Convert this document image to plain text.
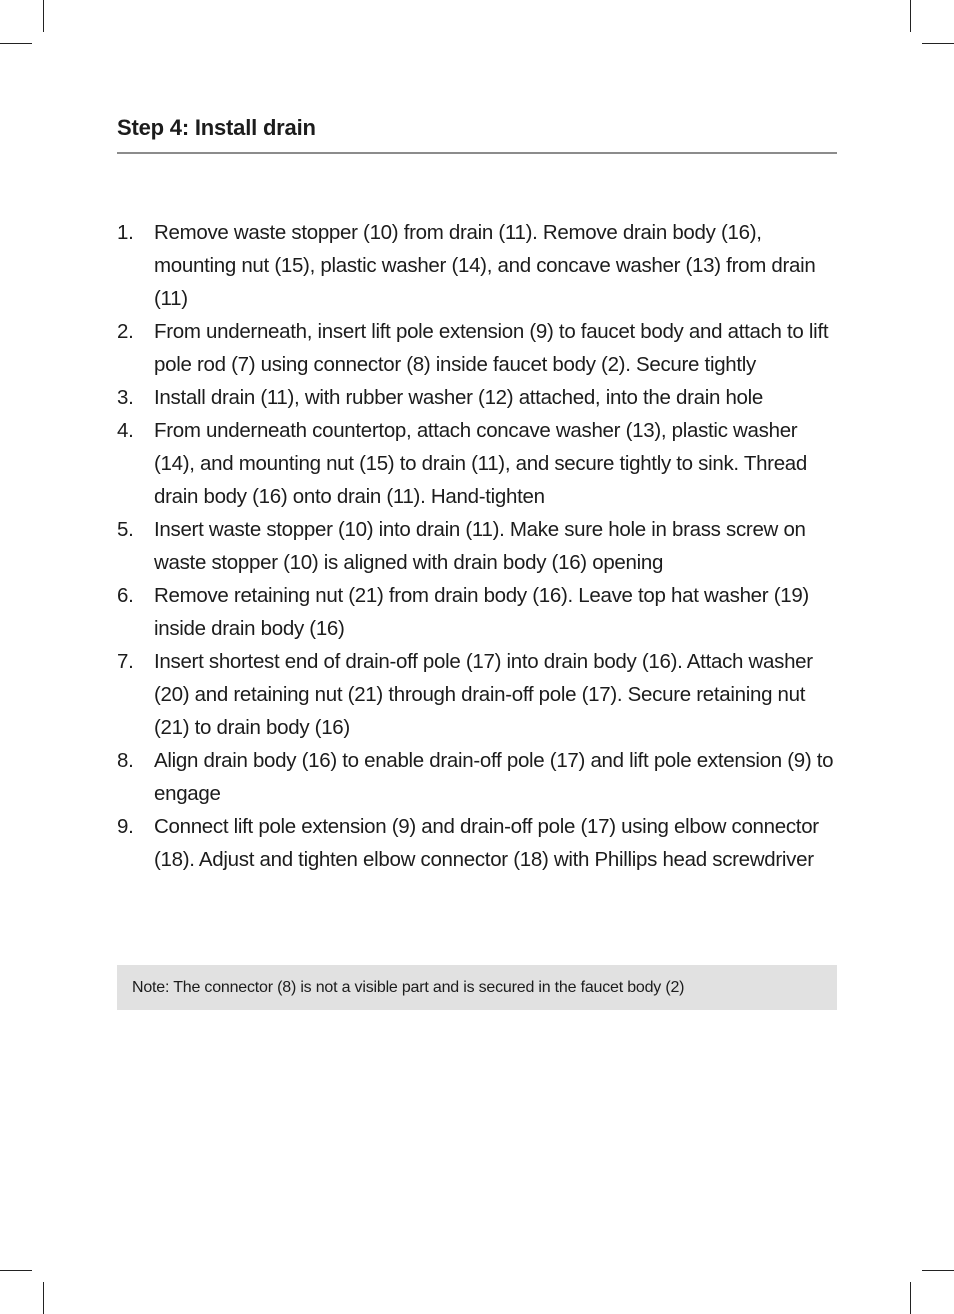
Step 4: Install drain
1. Remove waste stopper (10) from drain (11). Remove drain body (16), mounting nut (15), plastic washer (14), and concave washer (13) from drain (11)
2. From underneath, insert lift pole extension (9) to faucet body and attach to lift pole rod (7) using connector (8) inside faucet body (2). Secure tightly
3. Install drain (11), with rubber washer (12) attached, into the drain hole
4. From underneath countertop, attach concave washer (13), plastic washer (14), and mounting nut (15) to drain (11), and secure tightly to sink. Thread drain body (16) onto drain (11). Hand-tighten
5. Insert waste stopper (10) into drain (11). Make sure hole in brass screw on waste stopper (10) is aligned with drain body (16) opening
6. Remove retaining nut (21) from drain body (16). Leave top hat washer (19) inside drain body (16)
7. Insert shortest end of drain-off pole (17) into drain body (16). Attach washer (20) and retaining nut (21) through drain-off pole (17). Secure retaining nut (21) to drain body (16)
8. Align drain body (16) to enable drain-off pole (17) and lift pole extension (9) to engage
9. Connect lift pole extension (9) and drain-off pole (17) using elbow connector (18). Adjust and tighten elbow connector (18) with Phillips head screwdriver
Note: The connector (8) is not a visible part and is secured in the faucet body (2)
